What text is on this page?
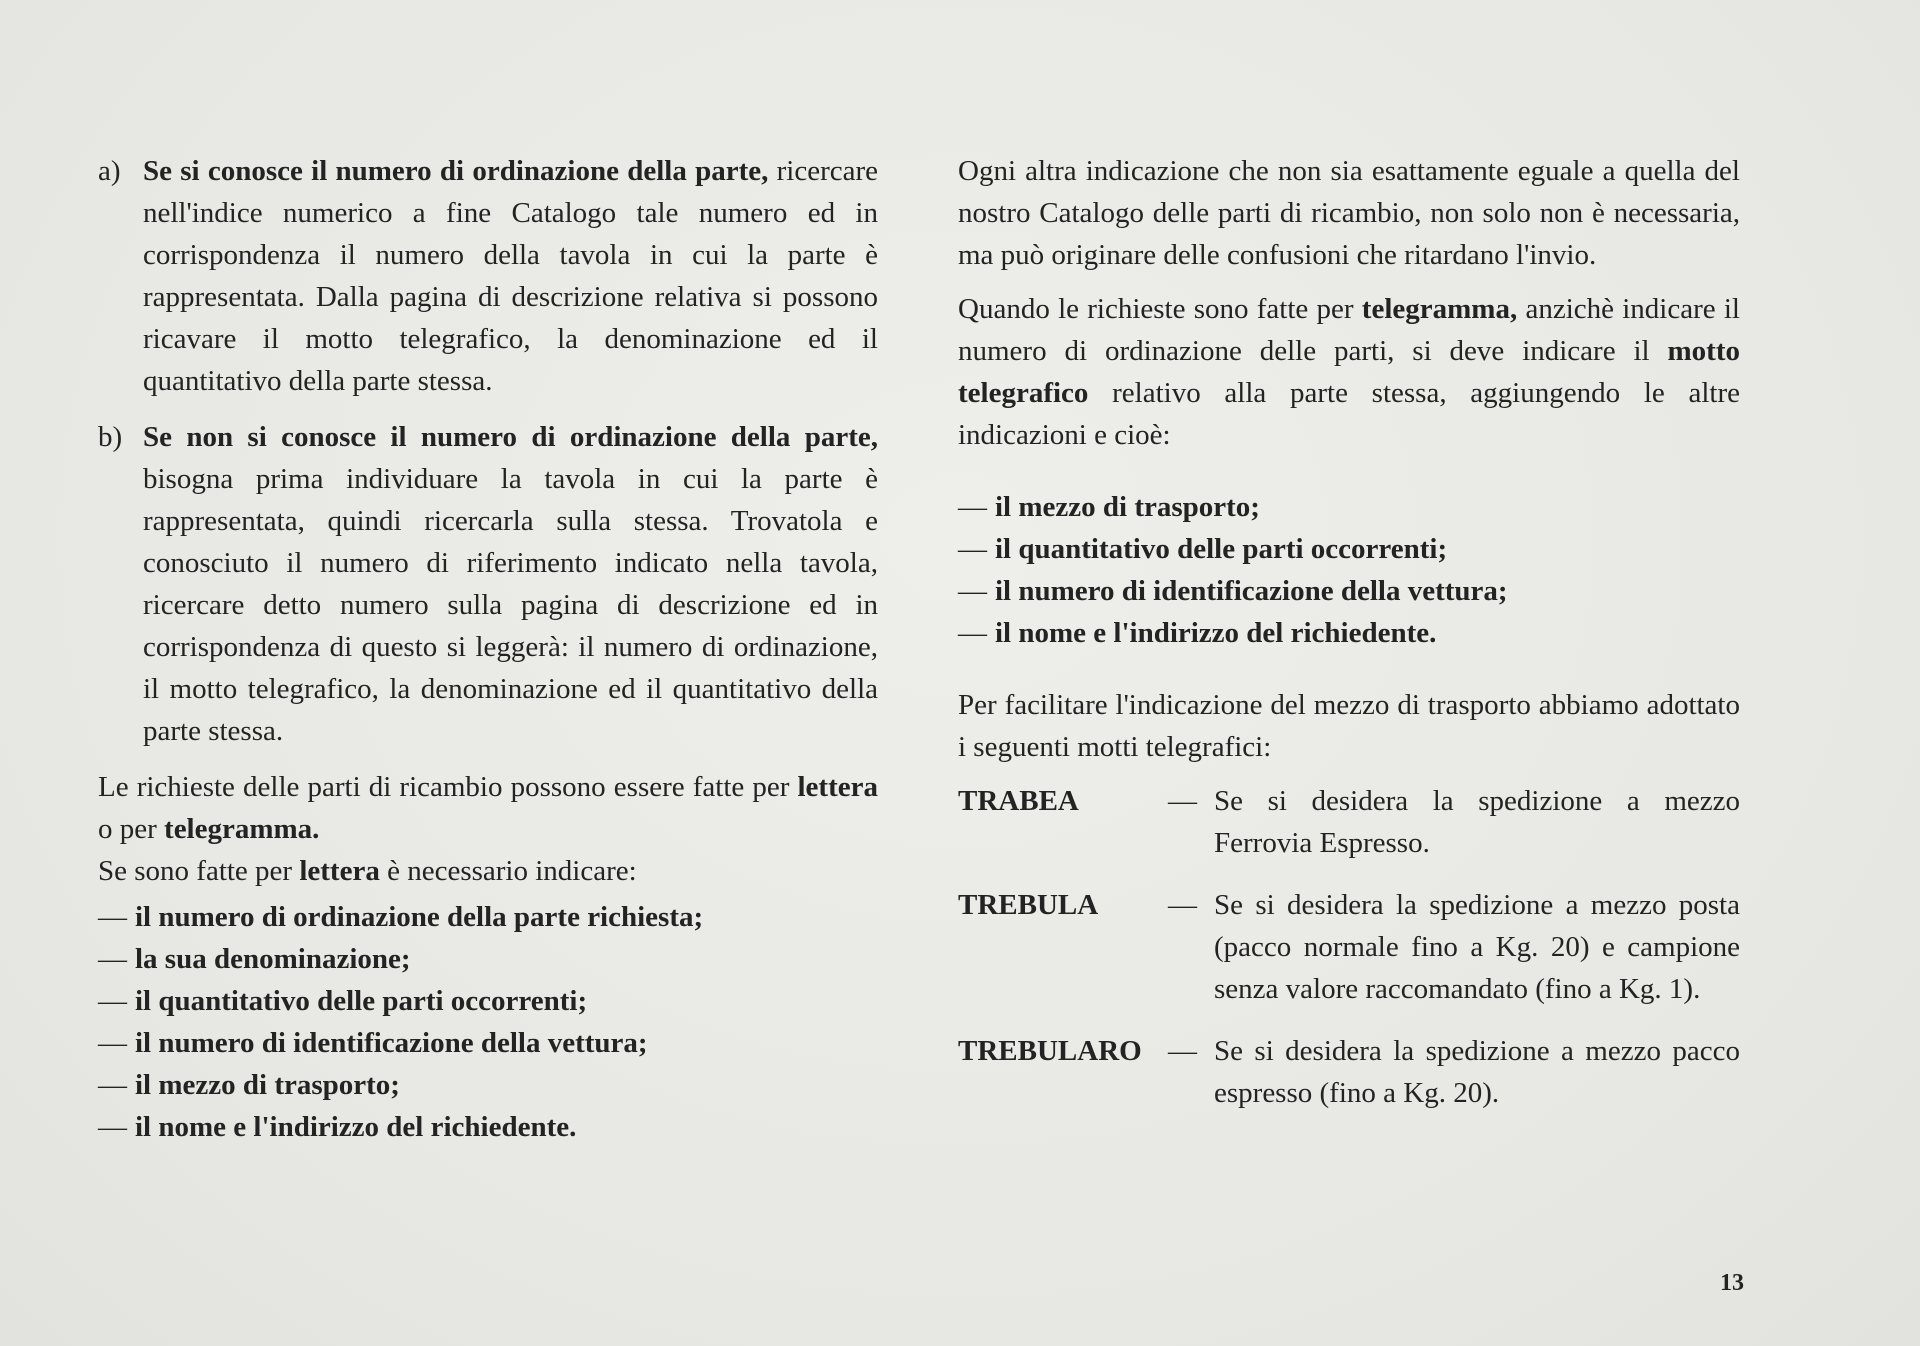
a) Se si conosce il numero di ordinazione della parte, ricercare nell'indice numerico a fine Catalogo tale numero ed in corrispondenza il numero della tavola in cui la parte è rappresentata. Dalla pagina di descrizione relativa si possono ricavare il motto telegrafico, la denominazione ed il quantitativo della parte stessa.
b) Se non si conosce il numero di ordinazione della parte, bisogna prima individuare la tavola in cui la parte è rappresentata, quindi ricercarla sulla stessa. Trovatola e conosciuto il numero di riferimento indicato nella tavola, ricercare detto numero sulla pagina di descrizione ed in corrispondenza di questo si leggerà: il numero di ordinazione, il motto telegrafico, la denominazione ed il quantitativo della parte stessa.

Le richieste delle parti di ricambio possono essere fatte per lettera o per telegramma.

Se sono fatte per lettera è necessario indicare:

— il numero di ordinazione della parte richiesta;
— la sua denominazione;
— il quantitativo delle parti occorrenti;
— il numero di identificazione della vettura;
— il mezzo di trasporto;
— il nome e l'indirizzo del richiedente.

Ogni altra indicazione che non sia esattamente eguale a quella del nostro Catalogo delle parti di ricambio, non solo non è necessaria, ma può originare delle confusioni che ritardano l'invio.

Quando le richieste sono fatte per telegramma, anzichè indicare il numero di ordinazione delle parti, si deve indicare il motto telegrafico relativo alla parte stessa, aggiungendo le altre indicazioni e cioè:

— il mezzo di trasporto;
— il quantitativo delle parti occorrenti;
— il numero di identificazione della vettura;
— il nome e l'indirizzo del richiedente.

Per facilitare l'indicazione del mezzo di trasporto abbiamo adottato i seguenti motti telegrafici:

TRABEA	—	Se si desidera la spedizione a mezzo Ferrovia Espresso.
TREBULA	—	Se si desidera la spedizione a mezzo posta (pacco normale fino a Kg. 20) e campione senza valore raccomandato (fino a Kg. 1).
TREBULARO	—	Se si desidera la spedizione a mezzo pacco espresso (fino a Kg. 20).
13
